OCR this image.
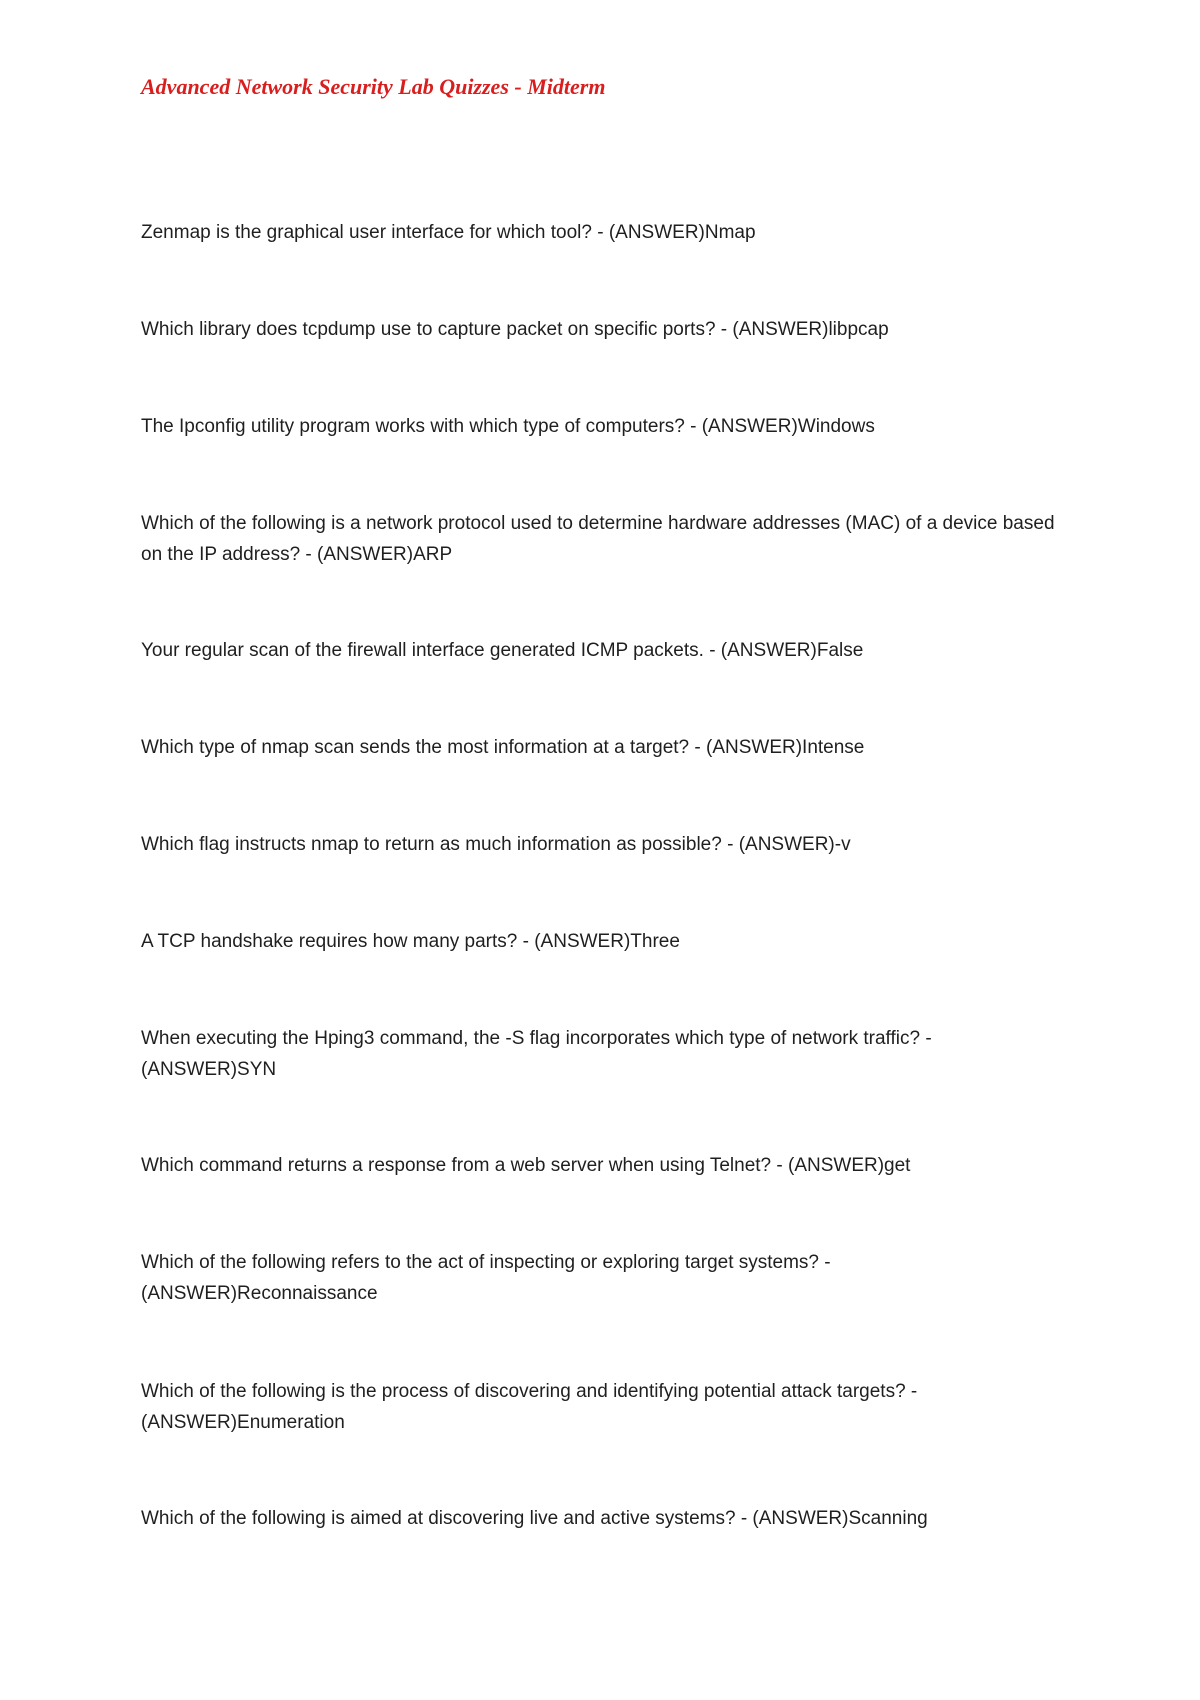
Advanced Network Security Lab Quizzes - Midterm

Zenmap is the graphical user interface for which tool? - (ANSWER)Nmap

Which library does tcpdump use to capture packet on specific ports? - (ANSWER)libpcap

The Ipconfig utility program works with which type of computers? - (ANSWER)Windows

Which of the following is a network protocol used to determine hardware addresses (MAC) of a device based on the IP address? - (ANSWER)ARP

Your regular scan of the firewall interface generated ICMP packets. - (ANSWER)False

Which type of nmap scan sends the most information at a target? - (ANSWER)Intense

Which flag instructs nmap to return as much information as possible? - (ANSWER)-v

A TCP handshake requires how many parts? - (ANSWER)Three

When executing the Hping3 command, the -S flag incorporates which type of network traffic? - (ANSWER)SYN

Which command returns a response from a web server when using Telnet? - (ANSWER)get

Which of the following refers to the act of inspecting or exploring target systems? - (ANSWER)Reconnaissance

Which of the following is the process of discovering and identifying potential attack targets? - (ANSWER)Enumeration

Which of the following is aimed at discovering live and active systems? - (ANSWER)Scanning
